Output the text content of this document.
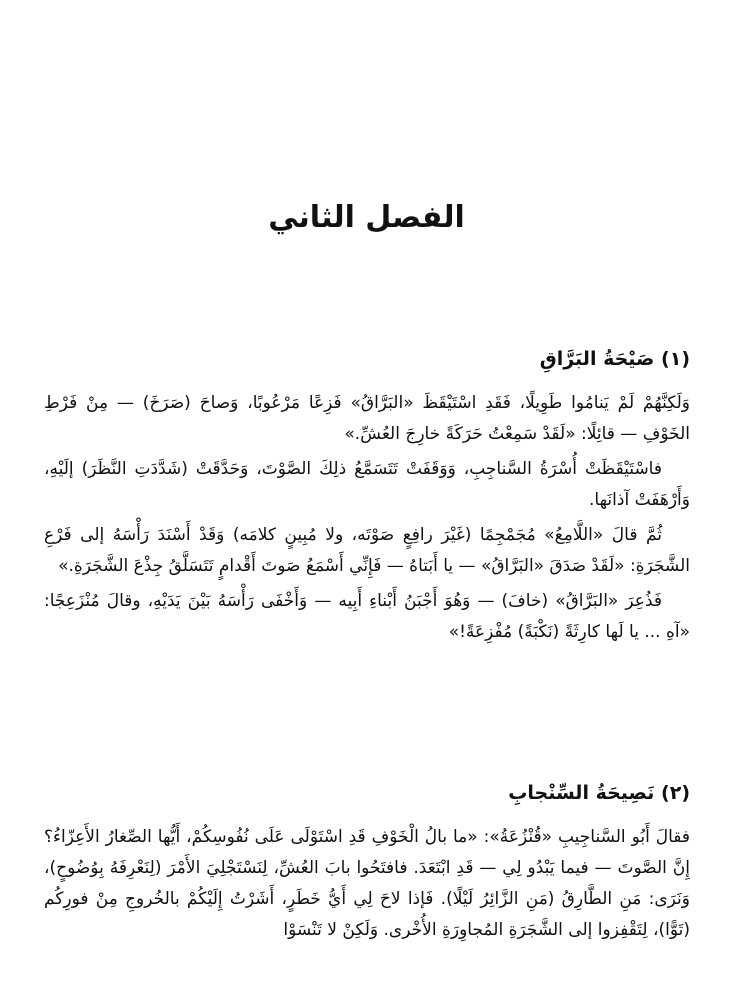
الفصل الثاني
(١) صَيْحَةُ البَرَّاقِ

وَلَكِنَّهُمْ لَمْ يَنامُوا طَوِيلًا، فَقَدِ اسْتَيْقَظَ «البَرَّاقُ» فَزِعًا مَرْعُوبًا، وَصاحَ (صَرَخَ) — مِنْ فَرْطِ الخَوْفِ — قائِلًا: «لَقَدْ سَمِعْتُ حَرَكَةً خارِجَ العُشِّ.»

فاسْتَيْقَظَتْ أُسْرَةُ السَّناجِبِ، وَوَقَفَتْ تَتَسَمَّعُ ذلِكَ الصَّوْتَ، وَحَدَّقَتْ (شَدَّدَتِ النَّظَرَ) إلَيْهِ، وَأَرْهَفَتْ آذانَها.

ثُمَّ قالَ «اللَّامِعُ» مُجَمْجِمًا (غَيْرَ رافِعٍ صَوْتَه، ولا مُبِينٍ كلامَه) وَقَدْ أَسْنَدَ رَأْسَهُ إلى فَرْعِ الشَّجَرَةِ: «لَقَدْ صَدَقَ «البَرَّاقُ» — يا أَبَتاهُ — فَإِنِّي أَسْمَعُ صَوتَ أَقْدامٍ تَتَسَلَّقُ جِذْعَ الشَّجَرَةِ.»

فَذُعِرَ «البَرَّاقُ» (خافَ) — وَهُوَ أَجْبَنُ أَبْناءِ أَبِيه — وَأَخْفَى رَأْسَهُ بَيْنَ يَدَيْهِ، وقالَ مُنْزَعِجًا: «آهِ ... يا لَها كارِثَةً (نَكْبَةً) مُفْزِعَةً!»

(٢) نَصِيحَةُ السِّنْجابِ

فقالَ أَبُو السَّناجِيبِ «قُنْزُعَةُ»: «ما بالُ الْخَوْفِ قَدِ اسْتَوْلَى عَلَى نُفُوسِكُمْ، أَيُّها الصِّغارُ الأَعِزّاءُ؟ إِنَّ الصَّوتَ — فيما يَبْدُو لِي — قَدِ ابْتَعَدَ. فافتَحُوا بابَ العُشِّ، لِنَسْتَجْلِيَ الأَمْرَ (لِنَعْرِفَهُ بِوُضُوحٍ)، وَنَرَى: مَنِ الطَّارِقُ (مَنِ الزَّائِرُ لَيْلًا). فَإذا لاحَ لِي أَيُّ خَطَرٍ، أَشَرْتُ إِلَيْكُمْ بالخُروجِ مِنْ فورِكُم (تَوًّا)، لِتَقْفِزوا إلى الشَّجَرَةِ المُجاوِرَةِ الأُخْرى. وَلَكِنْ لا تَنْسَوْا
